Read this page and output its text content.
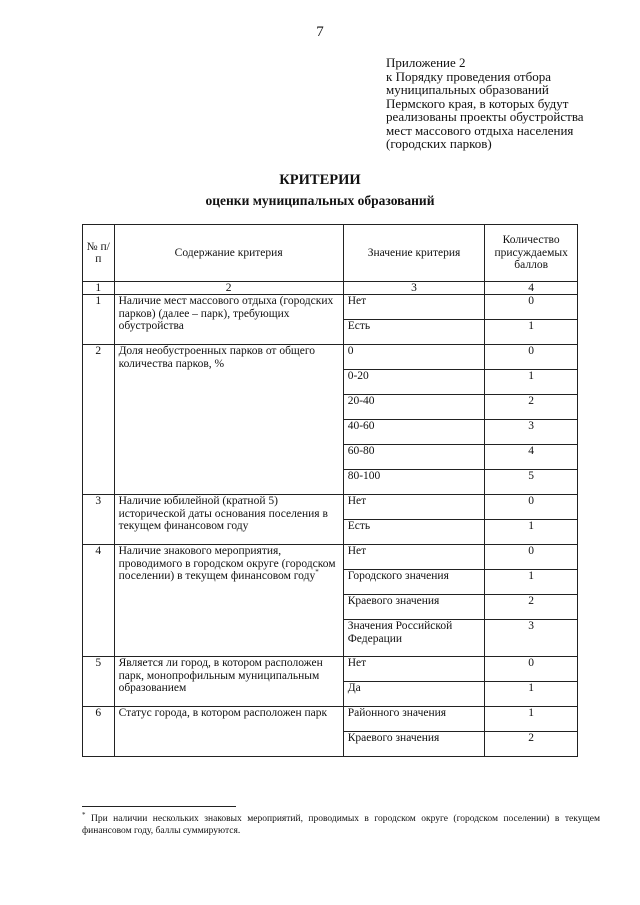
7
Приложение 2
к Порядку проведения отбора муниципальных образований Пермского края, в которых будут реализованы проекты обустройства мест массового отдыха населения (городских парков)
КРИТЕРИИ
оценки муниципальных образований
№ п/п	Содержание критерия	Значение критерия	Количество присуждаемых баллов
1	2	3	4
1	Наличие мест массового отдыха (городских парков) (далее – парк), требующих обустройства	Нет	0
		Есть	1
2	Доля необустроенных парков от общего количества парков, %	0	0
		0-20	1
		20-40	2
		40-60	3
		60-80	4
		80-100	5
3	Наличие юбилейной (кратной 5) исторической даты основания поселения в текущем финансовом году	Нет	0
		Есть	1
4	Наличие знакового мероприятия, проводимого в городском округе (городском поселении) в текущем финансовом году*	Нет	0
		Городского значения	1
		Краевого значения	2
		Значения Российской Федерации	3
5	Является ли город, в котором расположен парк, монопрофильным муниципальным образованием	Нет	0
		Да	1
6	Статус города, в котором расположен парк	Районного значения	1
		Краевого значения	2
* При наличии нескольких знаковых мероприятий, проводимых в городском округе (городском поселении) в текущем финансовом году, баллы суммируются.
